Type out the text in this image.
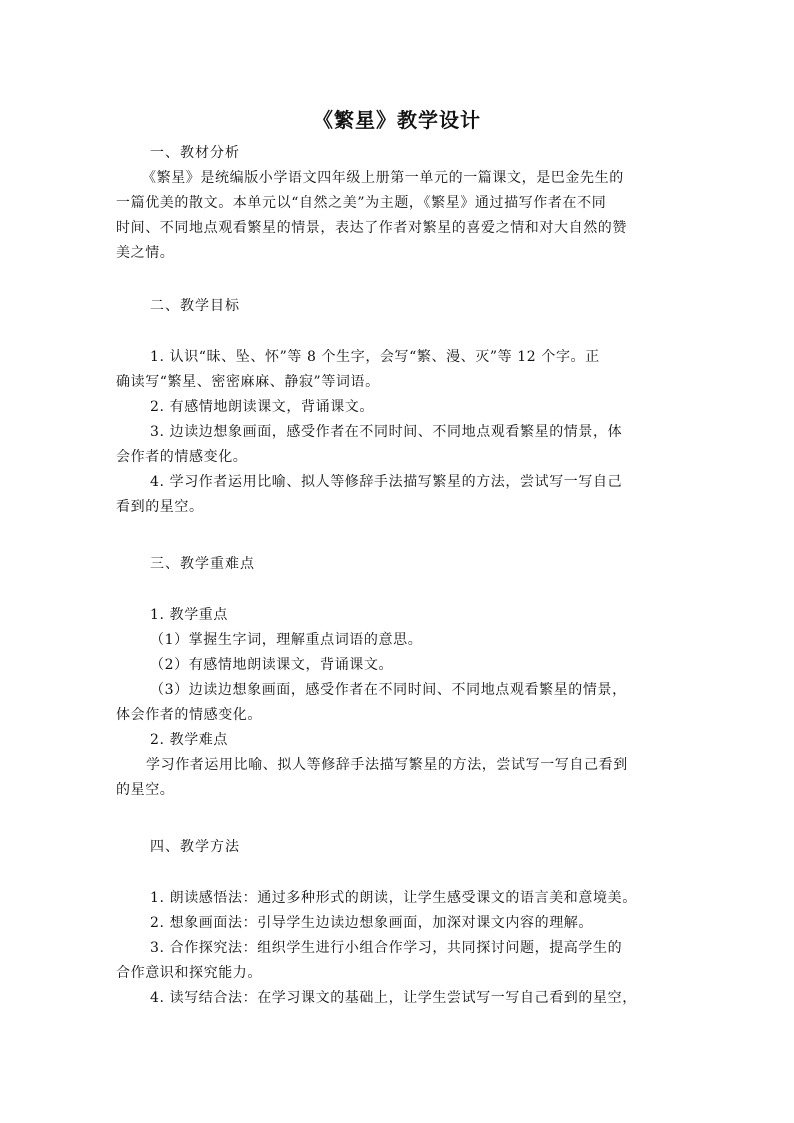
《繁星》教学设计
一、教材分析
《繁星》是统编版小学语文四年级上册第一单元的一篇课文，是巴金先生的
一篇优美的散文。本单元以“自然之美”为主题，《繁星》通过描写作者在不同
时间、不同地点观看繁星的情景，表达了作者对繁星的喜爱之情和对大自然的赞
美之情。
二、教学目标
1. 认识“昧、坠、怀”等 8 个生字，会写“繁、漫、灭”等 12 个字。正
确读写“繁星、密密麻麻、静寂”等词语。
2. 有感情地朗读课文，背诵课文。
3. 边读边想象画面，感受作者在不同时间、不同地点观看繁星的情景，体
会作者的情感变化。
4. 学习作者运用比喻、拟人等修辞手法描写繁星的方法，尝试写一写自己
看到的星空。
三、教学重难点
1. 教学重点
（1）掌握生字词，理解重点词语的意思。
（2）有感情地朗读课文，背诵课文。
（3）边读边想象画面，感受作者在不同时间、不同地点观看繁星的情景，
体会作者的情感变化。
2. 教学难点
学习作者运用比喻、拟人等修辞手法描写繁星的方法，尝试写一写自己看到
的星空。
四、教学方法
1. 朗读感悟法：通过多种形式的朗读，让学生感受课文的语言美和意境美。
2. 想象画面法：引导学生边读边想象画面，加深对课文内容的理解。
3. 合作探究法：组织学生进行小组合作学习，共同探讨问题，提高学生的
合作意识和探究能力。
4. 读写结合法：在学习课文的基础上，让学生尝试写一写自己看到的星空，
